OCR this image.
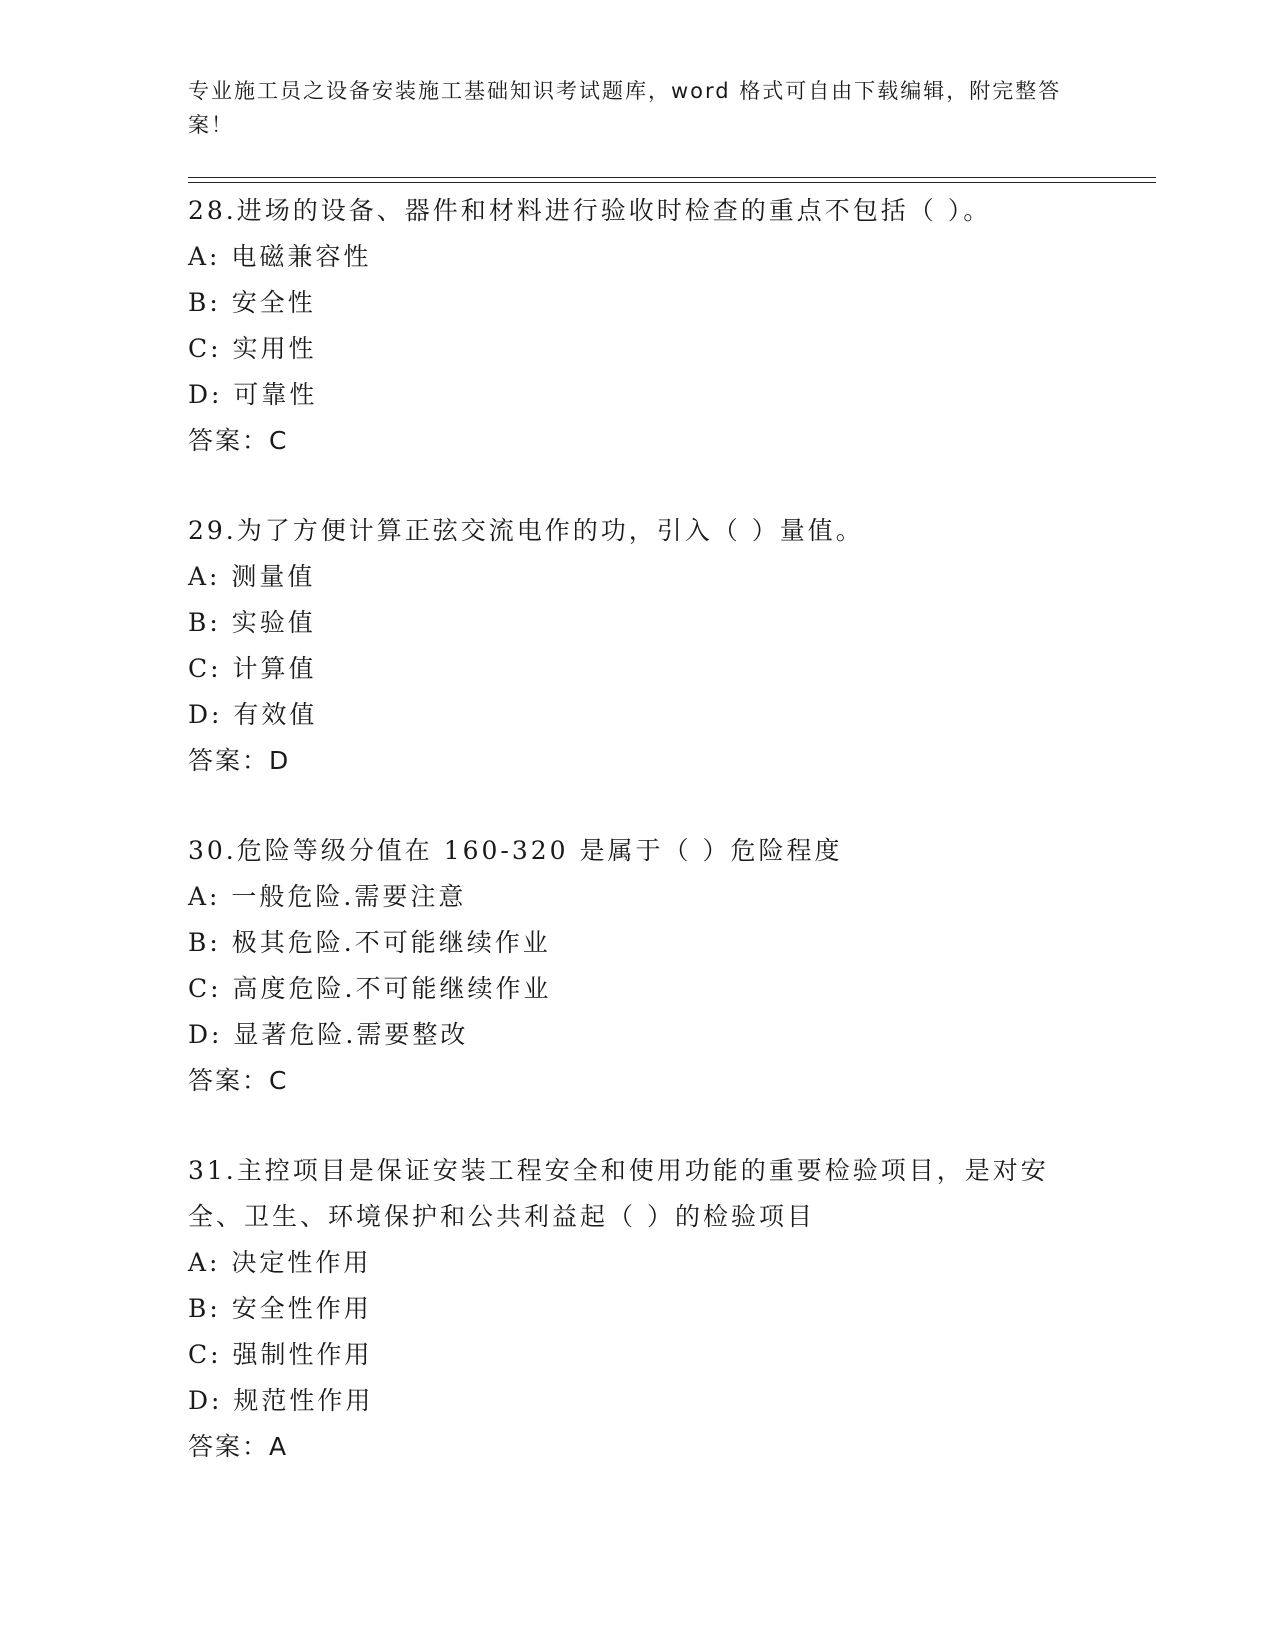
专业施工员之设备安装施工基础知识考试题库，word 格式可自由下载编辑，附完整答案！

28.进场的设备、器件和材料进行验收时检查的重点不包括（ ）。

A: 电磁兼容性

B: 安全性

C: 实用性

D: 可靠性

答案：C

29.为了方便计算正弦交流电作的功，引入（ ）量值。

A: 测量值

B: 实验值

C: 计算值

D: 有效值

答案：D

30.危险等级分值在 160-320 是属于（ ）危险程度

A: 一般危险.需要注意

B: 极其危险.不可能继续作业

C: 高度危险.不可能继续作业

D: 显著危险.需要整改

答案：C

31.主控项目是保证安装工程安全和使用功能的重要检验项目，是对安全、卫生、环境保护和公共利益起（ ）的检验项目

A: 决定性作用

B: 安全性作用

C: 强制性作用

D: 规范性作用

答案：A
